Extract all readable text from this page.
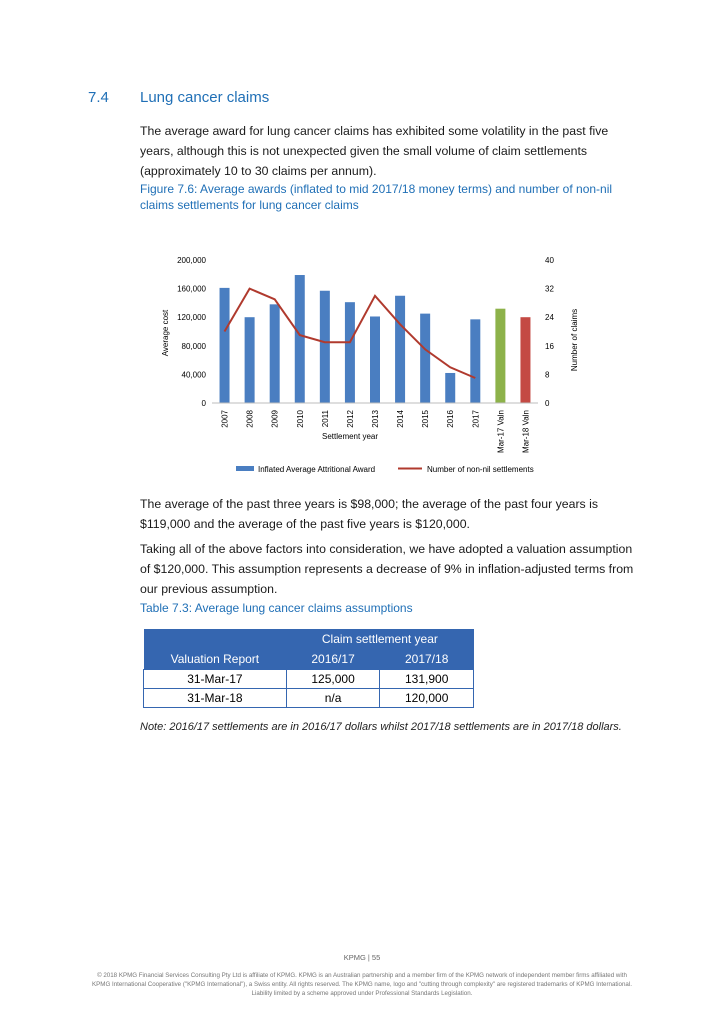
7.4 Lung cancer claims
The average award for lung cancer claims has exhibited some volatility in the past five years, although this is not unexpected given the small volume of claim settlements (approximately 10 to 30 claims per annum).
Figure 7.6: Average awards (inflated to mid 2017/18 money terms) and number of non-nil claims settlements for lung cancer claims
0
40,000
80,000
120,000
160,000
200,000
0
8
16
24
32
40
2007 2008 2009 2010 2011 2012 2013 2014 2015 2016 2017 Mar-17 Valn Mar-18 Valn
Settlement year
Average cost	Number of claims
Inflated Average Attritional Award	Number of non-nil settlements
The average of the past three years is $98,000; the average of the past four years is $119,000 and the average of the past five years is $120,000.
Taking all of the above factors into consideration, we have adopted a valuation assumption of $120,000. This assumption represents a decrease of 9% in inflation-adjusted terms from our previous assumption.
Table 7.3: Average lung cancer claims assumptions
	Claim settlement year	
Valuation Report	2016/17	2017/18
31-Mar-17	125,000	131,900
31-Mar-18	n/a	120,000
Note: 2016/17 settlements are in 2016/17 dollars whilst 2017/18 settlements are in 2017/18 dollars.
KPMG | 55
© 2018 KPMG Financial Services Consulting Pty Ltd is affiliate of KPMG. KPMG is an Australian partnership and a member firm of the KPMG network of independent member firms affiliated with KPMG International Cooperative ("KPMG International"), a Swiss entity. All rights reserved. The KPMG name, logo and "cutting through complexity" are registered trademarks of KPMG International. Liability limited by a scheme approved under Professional Standards Legislation.
